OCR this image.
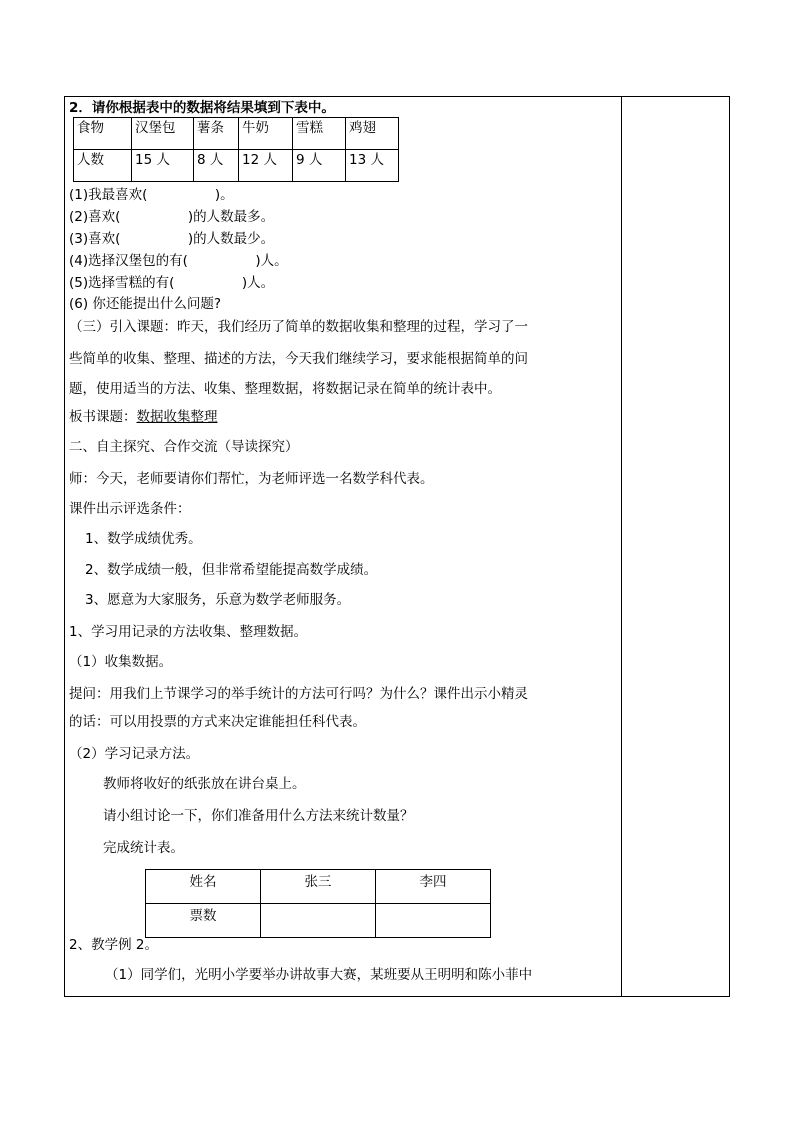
2．请你根据表中的数据将结果填到下表中。
食物	汉堡包	薯条	牛奶	雪糕	鸡翅
人数	15 人	8 人	12 人	9 人	13 人
(1)我最喜欢(　　　　　)。
(2)喜欢(　　　　　)的人数最多。
(3)喜欢(　　　　　)的人数最少。
(4)选择汉堡包的有(　　　　　)人。
(5)选择雪糕的有(　　　　　)人。
(6) 你还能提出什么问题?
（三）引入课题：昨天，我们经历了简单的数据收集和整理的过程，学习了一
些简单的收集、整理、描述的方法，今天我们继续学习，要求能根据简单的问
题，使用适当的方法、收集、整理数据，将数据记录在简单的统计表中。
板书课题：数据收集整理
二、自主探究、合作交流（导读探究）
师：今天，老师要请你们帮忙，为老师评选一名数学科代表。
课件出示评选条件：
1、数学成绩优秀。
2、数学成绩一般，但非常希望能提高数学成绩。
3、愿意为大家服务，乐意为数学老师服务。
1、学习用记录的方法收集、整理数据。
（1）收集数据。
提问：用我们上节课学习的举手统计的方法可行吗？为什么？课件出示小精灵
的话：可以用投票的方式来决定谁能担任科代表。
（2）学习记录方法。
教师将收好的纸张放在讲台桌上。
请小组讨论一下，你们准备用什么方法来统计数量？
完成统计表。
姓名	张三	李四
票数		
2、教学例 2。
（1）同学们，光明小学要举办讲故事大赛，某班要从王明明和陈小菲中
